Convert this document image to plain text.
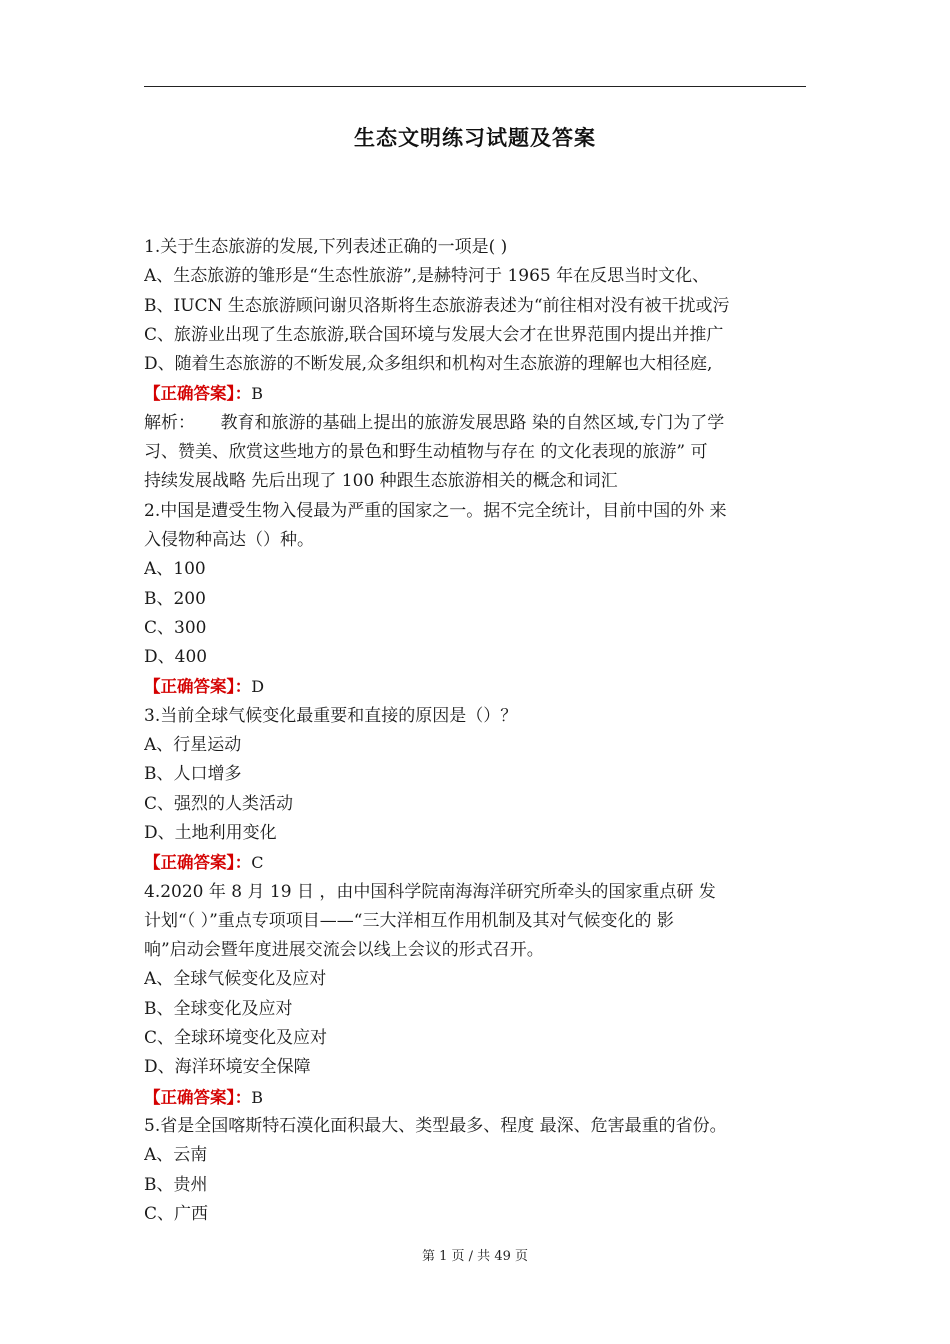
生态文明练习试题及答案
1.关于生态旅游的发展,下列表述正确的一项是( )
A、生态旅游的雏形是“生态性旅游”,是赫特河于 1965 年在反思当时文化、
B、IUCN 生态旅游顾问谢贝洛斯将生态旅游表述为“前往相对没有被干扰或污
C、旅游业出现了生态旅游,联合国环境与发展大会才在世界范围内提出并推广
D、随着生态旅游的不断发展,众多组织和机构对生态旅游的理解也大相径庭,
【正确答案】：B
解析：　　教育和旅游的基础上提出的旅游发展思路 染的自然区域,专门为了学
习、赞美、欣赏这些地方的景色和野生动植物与存在 的文化表现的旅游” 可
持续发展战略 先后出现了 100 种跟生态旅游相关的概念和词汇
2.中国是遭受生物入侵最为严重的国家之一。据不完全统计，目前中国的外 来
入侵物种高达（）种。
A、100
B、200
C、300
D、400
【正确答案】：D
3.当前全球气候变化最重要和直接的原因是（）？
A、行星运动
B、人口增多
C、强烈的人类活动
D、土地利用变化
【正确答案】：C
4.2020 年 8 月 19 日 ，由中国科学院南海海洋研究所牵头的国家重点研 发
计划“（ ）”重点专项项目——“三大洋相互作用机制及其对气候变化的 影
响”启动会暨年度进展交流会以线上会议的形式召开。
A、全球气候变化及应对
B、全球变化及应对
C、全球环境变化及应对
D、海洋环境安全保障
【正确答案】：B
5.省是全国喀斯特石漠化面积最大、类型最多、程度 最深、危害最重的省份。
A、云南
B、贵州
C、广西
第 1 页 / 共 49 页
